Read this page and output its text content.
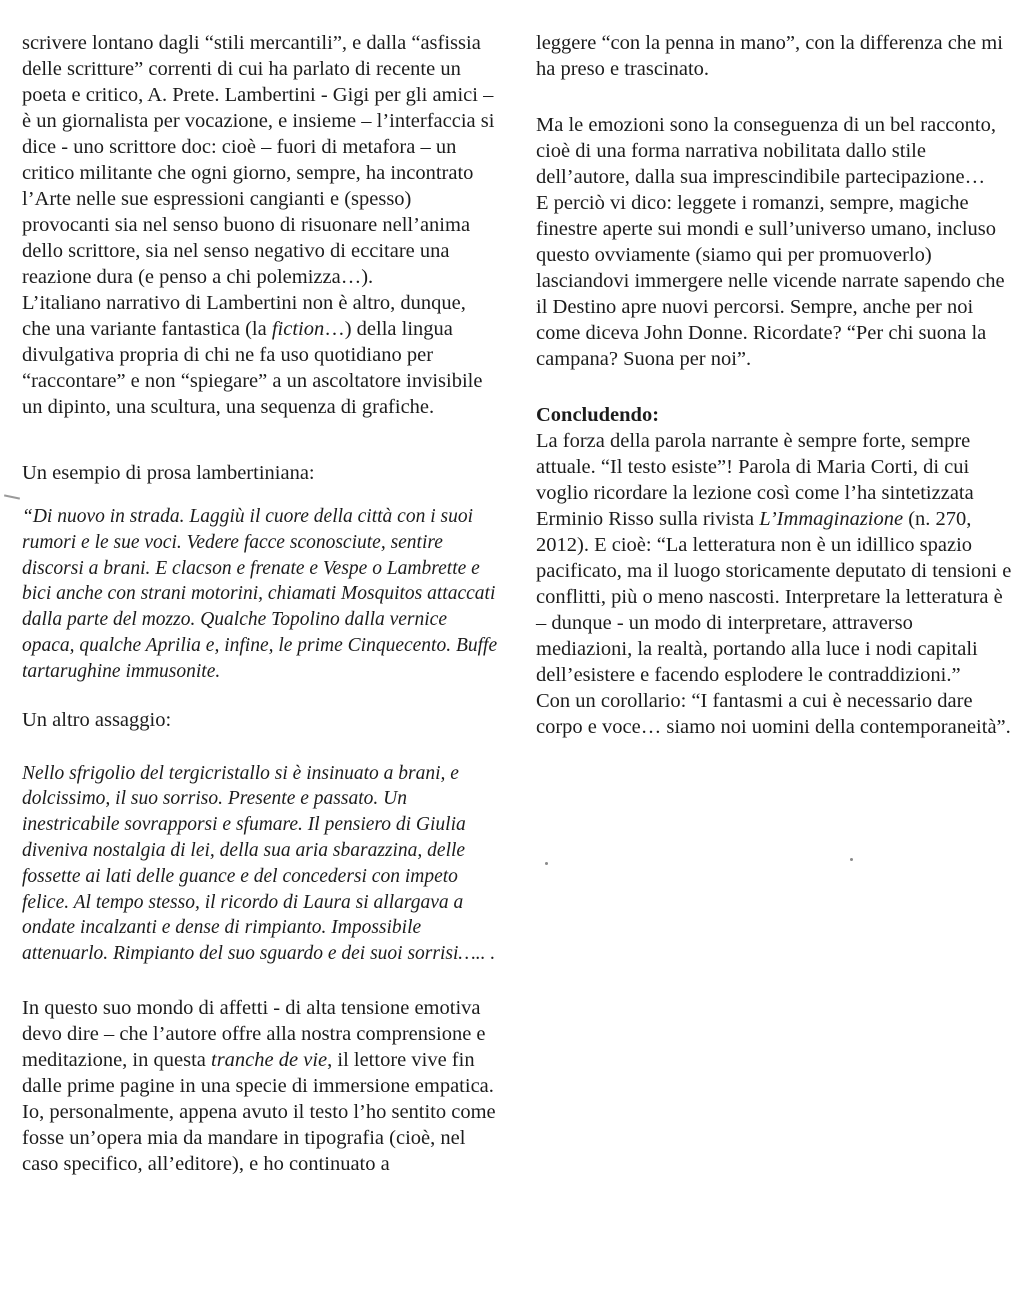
scrivere lontano dagli “stili mercantili”, e dalla “asfissia delle scritture” correnti di cui ha parlato di recente un poeta e critico, A. Prete. Lambertini - Gigi per gli amici – è un giornalista per vocazione, e insieme – l’interfaccia si dice - uno scrittore doc: cioè – fuori di metafora – un critico militante che ogni giorno, sempre, ha incontrato l’Arte nelle sue espressioni cangianti e (spesso) provocanti sia nel senso buono di risuonare nell’anima dello scrittore, sia nel senso negativo di eccitare una reazione dura (e penso a chi polemizza…).

L’italiano narrativo di Lambertini non è altro, dunque, che una variante fantastica (la fiction…) della lingua divulgativa propria di chi ne fa uso quotidiano per “raccontare” e non “spiegare” a un ascoltatore invisibile un dipinto, una scultura, una sequenza di grafiche.

Un esempio di prosa lambertiniana:

“Di nuovo in strada. Laggiù il cuore della città con i suoi rumori e le sue voci. Vedere facce sconosciute, sentire discorsi a brani. E clacson e frenate e Vespe o Lambrette e bici anche con strani motorini, chiamati Mosquitos attaccati dalla parte del mozzo. Qualche Topolino dalla vernice opaca, qualche Aprilia e, infine, le prime Cinquecento. Buffe tartarughine immusonite.

Un altro assaggio:

Nello sfrigolio del tergicristallo si è insinuato a brani, e dolcissimo, il suo sorriso. Presente e passato. Un inestricabile sovrapporsi e sfumare. Il pensiero di Giulia diveniva nostalgia di lei, della sua aria sbarazzina, delle fossette ai lati delle guance e del concedersi con impeto felice. Al tempo stesso, il ricordo di Laura si allargava a ondate incalzanti e dense di rimpianto. Impossibile attenuarlo. Rimpianto del suo sguardo e dei suoi sorrisi….. .

In questo suo mondo di affetti - di alta tensione emotiva devo dire – che l’autore offre alla nostra comprensione e meditazione, in questa tranche de vie, il lettore vive fin dalle prime pagine in una specie di immersione empatica. Io, personalmente, appena avuto il testo l’ho sentito come fosse un’opera mia da mandare in tipografia (cioè, nel caso specifico, all’editore), e ho continuato a

leggere “con la penna in mano”, con la differenza che mi ha preso e trascinato.

Ma le emozioni sono la conseguenza di un bel racconto, cioè di una forma narrativa nobilitata dallo stile dell’autore, dalla sua imprescindibile partecipazione…

E perciò vi dico: leggete i romanzi, sempre, magiche finestre aperte sui mondi e sull’universo umano, incluso questo ovviamente (siamo qui per promuoverlo) lasciandovi immergere nelle vicende narrate sapendo che il Destino apre nuovi percorsi. Sempre, anche per noi come diceva John Donne. Ricordate? “Per chi suona la campana? Suona per noi”.

Concludendo:

La forza della parola narrante è sempre forte, sempre attuale. “Il testo esiste”! Parola di Maria Corti, di cui voglio ricordare la lezione così come l’ha sintetizzata Erminio Risso sulla rivista L’Immaginazione (n. 270, 2012). E cioè: “La letteratura non è un idillico spazio pacificato, ma il luogo storicamente deputato di tensioni e conflitti, più o meno nascosti. Interpretare la letteratura è – dunque - un modo di interpretare, attraverso mediazioni, la realtà, portando alla luce i nodi capitali dell’esistere e facendo esplodere le contraddizioni.”

Con un corollario: “I fantasmi a cui è necessario dare corpo e voce… siamo noi uomini della contemporaneità”.
